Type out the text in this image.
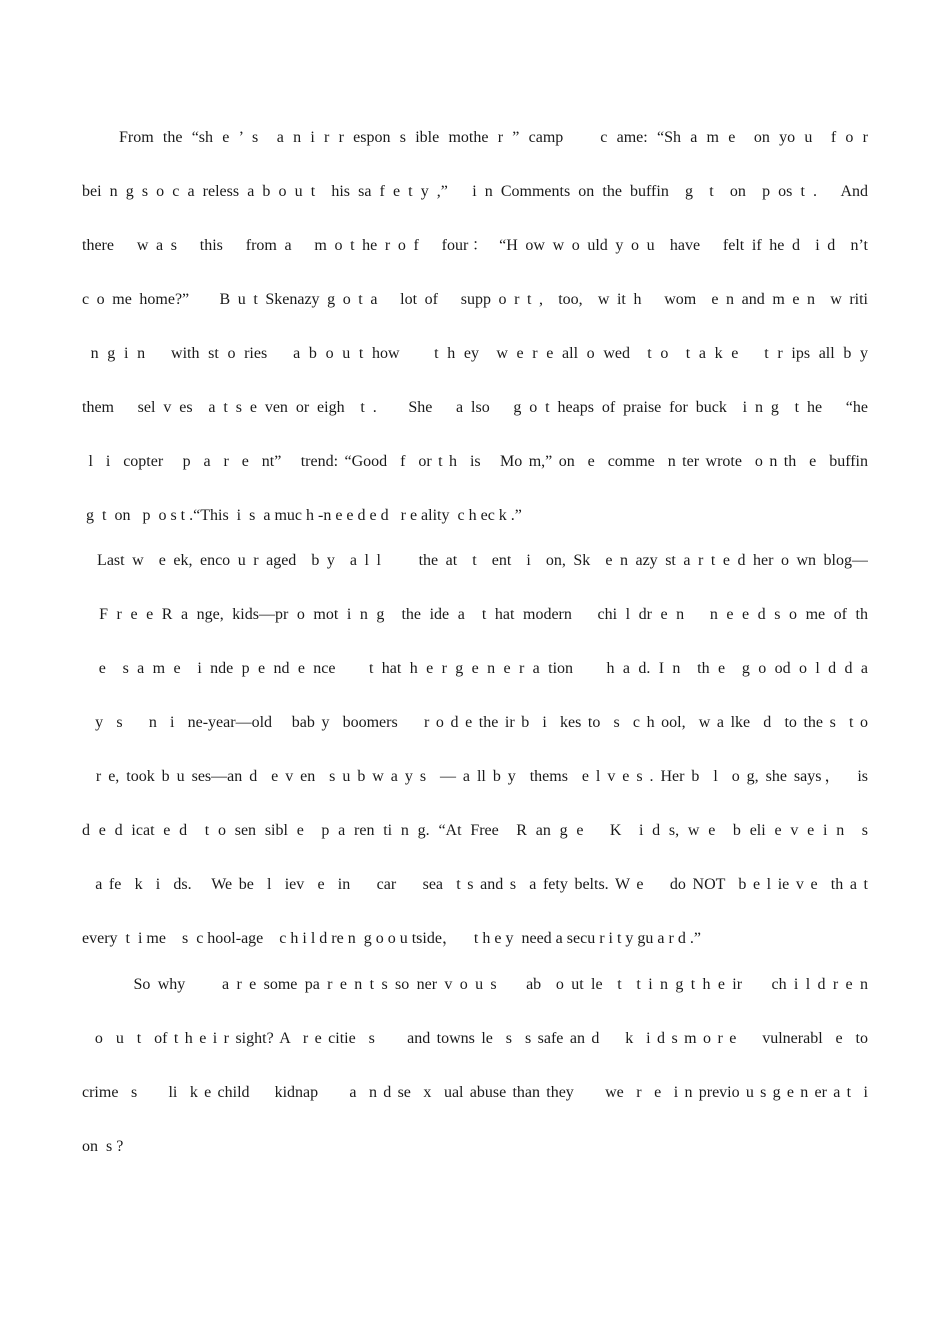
From the “sh e ’ s  a n i r r espon s ible mothe r ” camp    c ame: “Sh a m e  on yo u  f o r
bei n g s o c a reless a b o u t  his sa f e t y ,”   i n Comments on the buffin  g  t  on  p os t .   And
there   w a s   this   from a   m o t he r o f   four： “H ow w o uld y o u  have   felt if he d  i d  n’t
c o me home?”    B u t Skenazy g o t a   lot of   supp o r t ,  too,  w it h   wom  e n and m e n  w riti
n g i n   with st o ries   a b o u t how    t h ey  w e r e all o wed  t o  t a k e   t r ips all b y
them   sel v es  a t s e ven or eigh  t .    She   a lso   g o t heaps of praise for buck  i n g  t he   “he
l  i  copter   p  a  r  e  nt”   trend: “Good  f  or t h  is   Mo m,” on  e  comme  n ter wrote  o n th  e  buffin
g  t  on   p  o s t .“This  i  s  a muc h -n e e d e d   r e ality  c h ec k .”
Last w  e ek, enco u r aged  b y  a l l     the at  t  ent  i  on, Sk  e n azy st a r t e d her o wn blog—
F r e e R a nge, kids—pr o mot i n g  the ide a  t hat modern   chi l dr e n   n e e d s o me of th
e  s a m e  i nde p e nd e nce    t hat h e r g e n e r a tion    h a d. I n  th e  g o od o l d d a
y  s    n  i  ne-year—old   bab y  boomers    r o d e the ir b  i  kes to  s  c h ool,  w a lke  d  to the s  t o
r e, took b u ses—an d  e v en  s u b w a y s  — a ll b y  thems  e l v e s . Her b  l  o g, she says，  is
d e d icat e d  t o sen sibl e  p a ren ti n g. “At Free  R an g e   K  i d s, w e  b eli e v e i n  s
a fe  k  i  ds.   We be  l  iev  e  in    car    sea  t s and s  a fety belts. W e    do NOT  b e l ie v e  th a t
every  t  i me    s  c hool-age    c h i l d re n  g o o u tside，    t h e y  need a secu r i t y gu a r d .”
So why     a r e some pa r e n t s so ner v o u s    ab  o ut le  t  t i n g t h e ir    ch i l d r e n
o  u  t  of t h e i r sight? A  r e citie  s     and towns le  s  s safe an d    k  i d s m o r e    vulnerabl  e  to
crime  s     li  k e child    kidnap     a  n d se  x  ual abuse than they     we  r  e  i n previo u s g e n er a t  i
on  s ?
